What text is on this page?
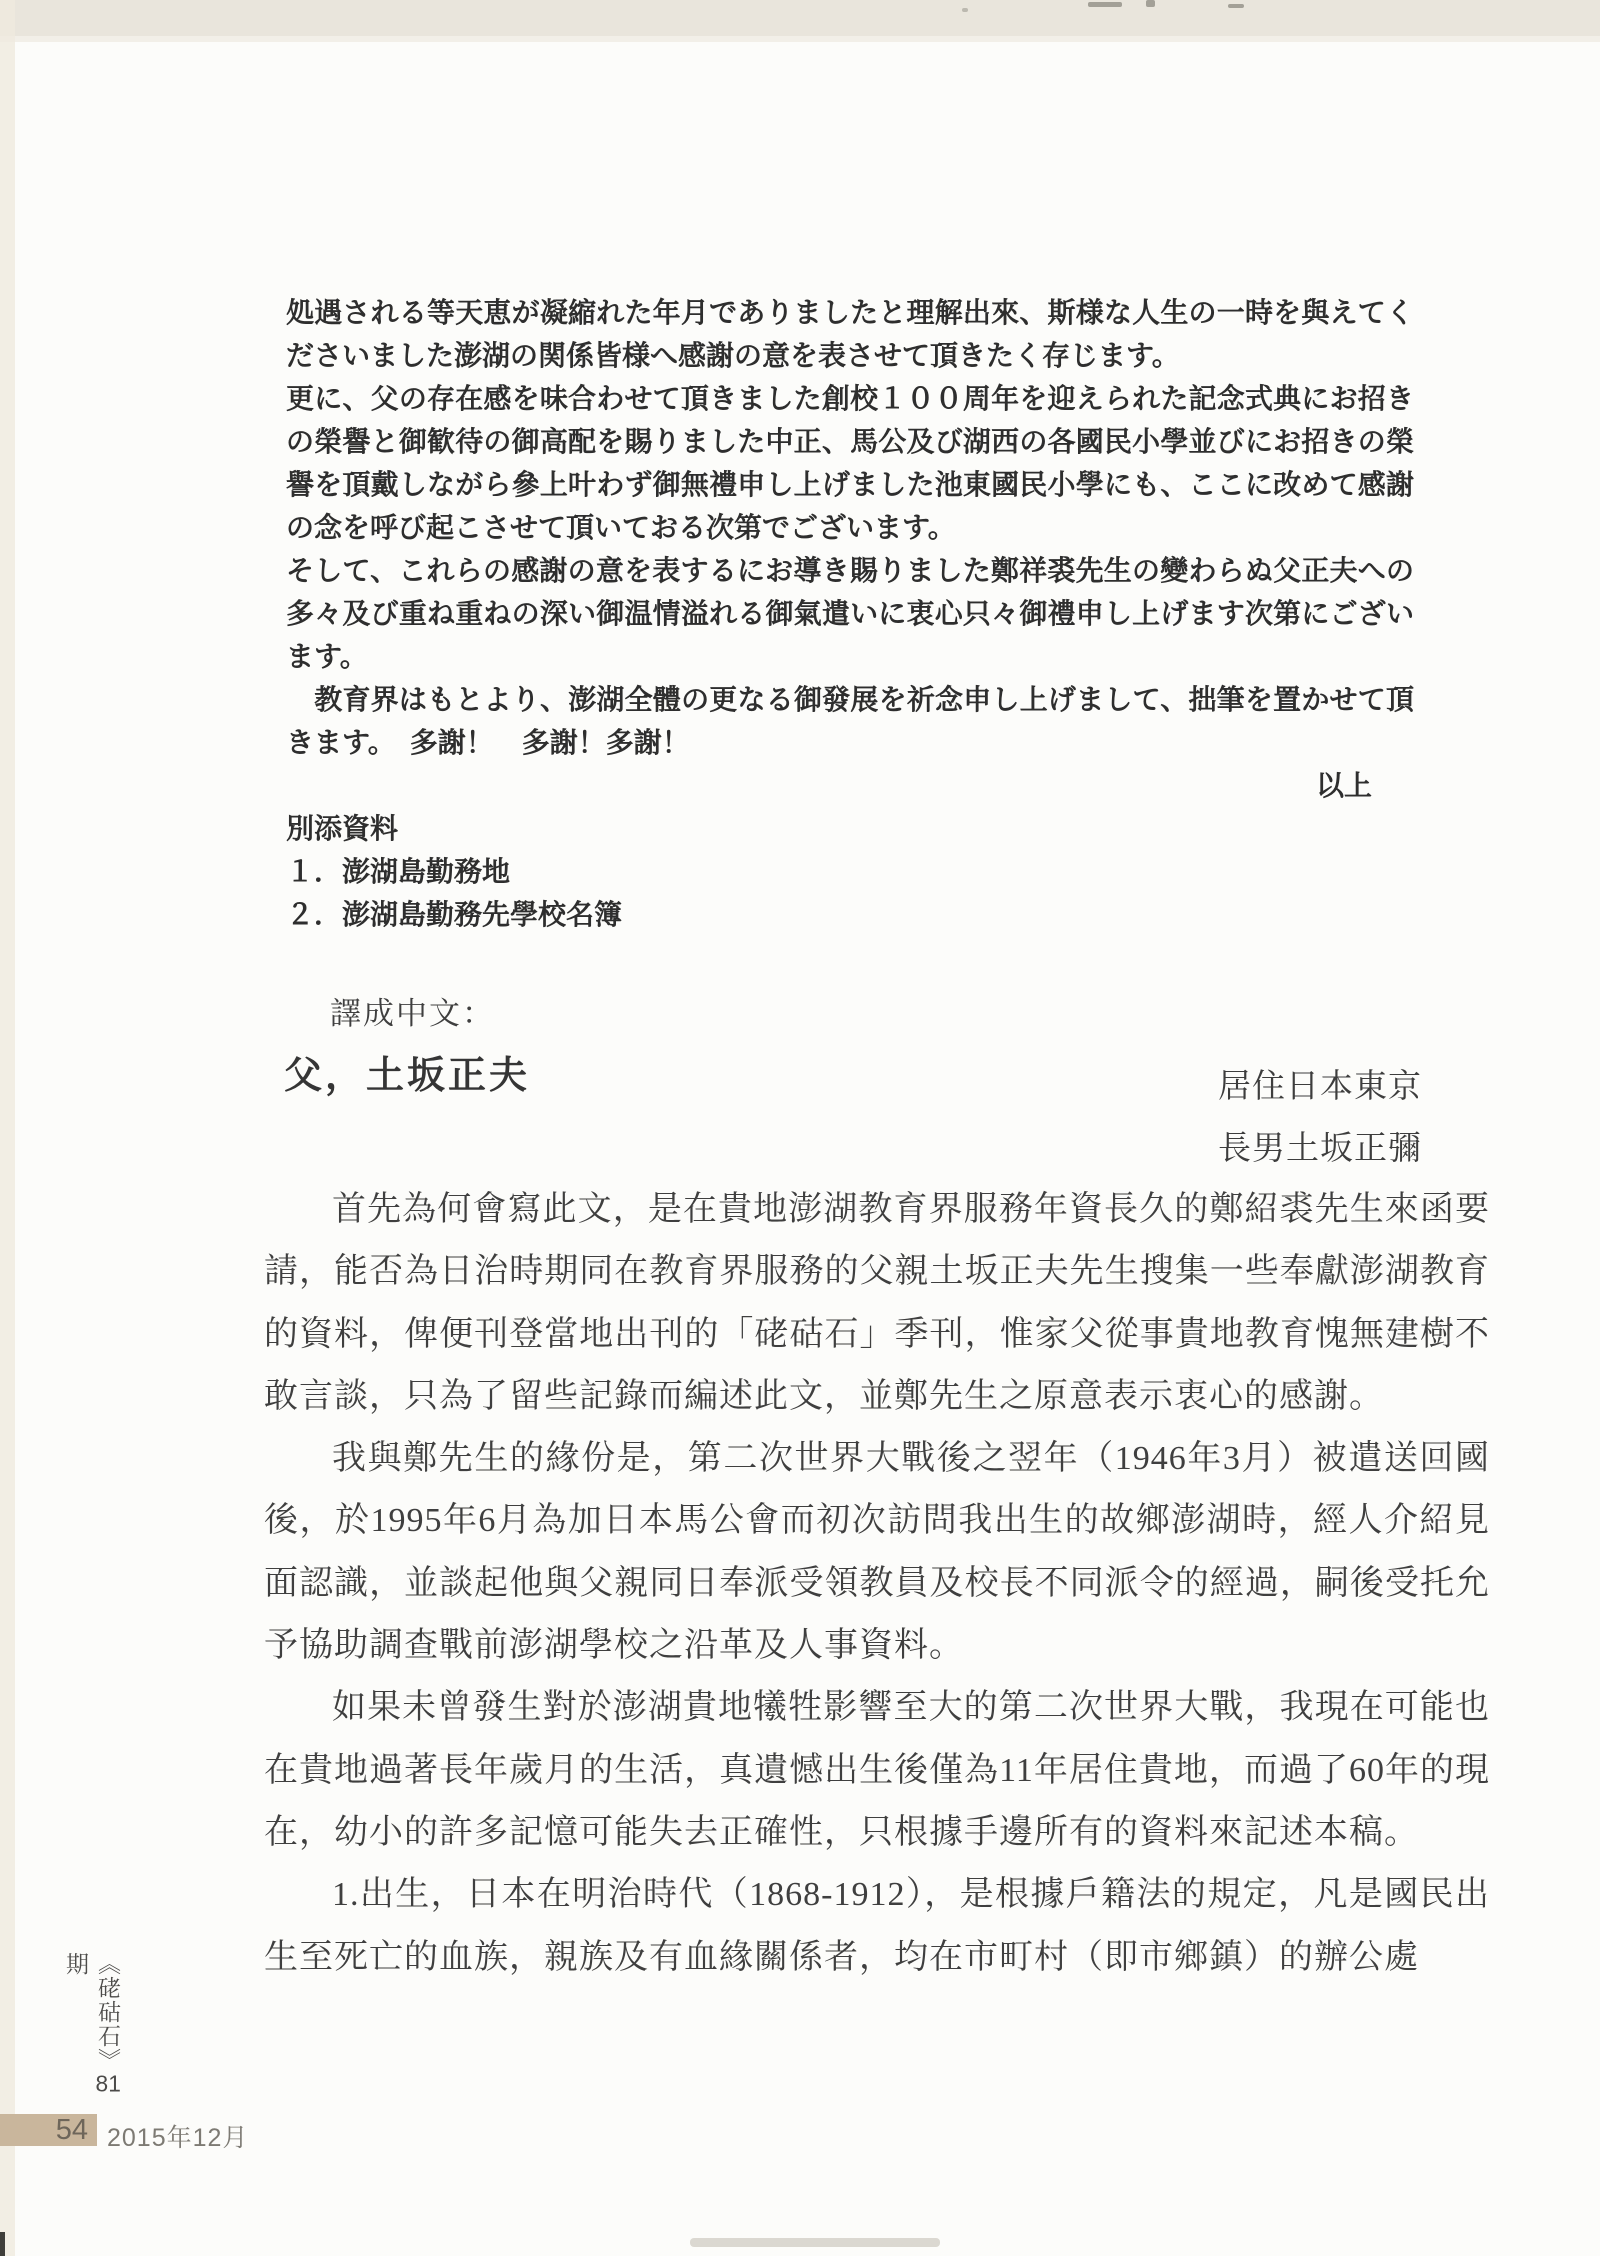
処遇される等天恵が凝縮れた年月でありましたと理解出來、斯様な人生の一時を與えてくださいました澎湖の関係皆様へ感謝の意を表させて頂きたく存じます。

更に、父の存在感を味合わせて頂きました創校１００周年を迎えられた記念式典にお招きの榮譽と御歓待の御高配を賜りました中正、馬公及び湖西の各國民小學並びにお招きの榮譽を頂戴しながら參上叶わず御無禮申し上げました池東國民小學にも、ここに改めて感謝の念を呼び起こさせて頂いておる次第でございます。

そして、これらの感謝の意を表するにお導き賜りました鄭祥裘先生の變わらぬ父正夫への多々及び重ね重ねの深い御温情溢れる御氣遣いに衷心只々御禮申し上げます次第にございます。

　教育界はもとより、澎湖全體の更なる御發展を祈念申し上げまして、拙筆を置かせて頂きます。　多謝！　多謝！多謝！

以上

別添資料

１．澎湖島勤務地

２．澎湖島勤務先學校名簿

譯成中文：
父，土坂正夫	居住日本東京
長男土坂正彌

首先為何會寫此文，是在貴地澎湖教育界服務年資長久的鄭紹裘先生來函要請，能否為日治時期同在教育界服務的父親土坂正夫先生搜集一些奉獻澎湖教育的資料，俾便刊登當地出刊的「硓𥑮石」季刊，惟家父從事貴地教育愧無建樹不敢言談，只為了留些記錄而編述此文，並鄭先生之原意表示衷心的感謝。

我與鄭先生的緣份是，第二次世界大戰後之翌年（1946年3月）被遣送回國後，於1995年6月為加日本馬公會而初次訪問我出生的故鄉澎湖時，經人介紹見面認識，並談起他與父親同日奉派受領教員及校長不同派令的經過，嗣後受托允予協助調查戰前澎湖學校之沿革及人事資料。

如果未曾發生對於澎湖貴地犧牲影響至大的第二次世界大戰，我現在可能也在貴地過著長年歲月的生活，真遺憾出生後僅為11年居住貴地，而過了60年的現在，幼小的許多記憶可能失去正確性，只根據手邊所有的資料來記述本稿。

1.出生，日本在明治時代（1868-1912），是根據戶籍法的規定，凡是國民出生至死亡的血族，親族及有血緣關係者，均在市町村（即市鄉鎮）的辦公處

《硓𥑮石》81期
54 2015年12月
